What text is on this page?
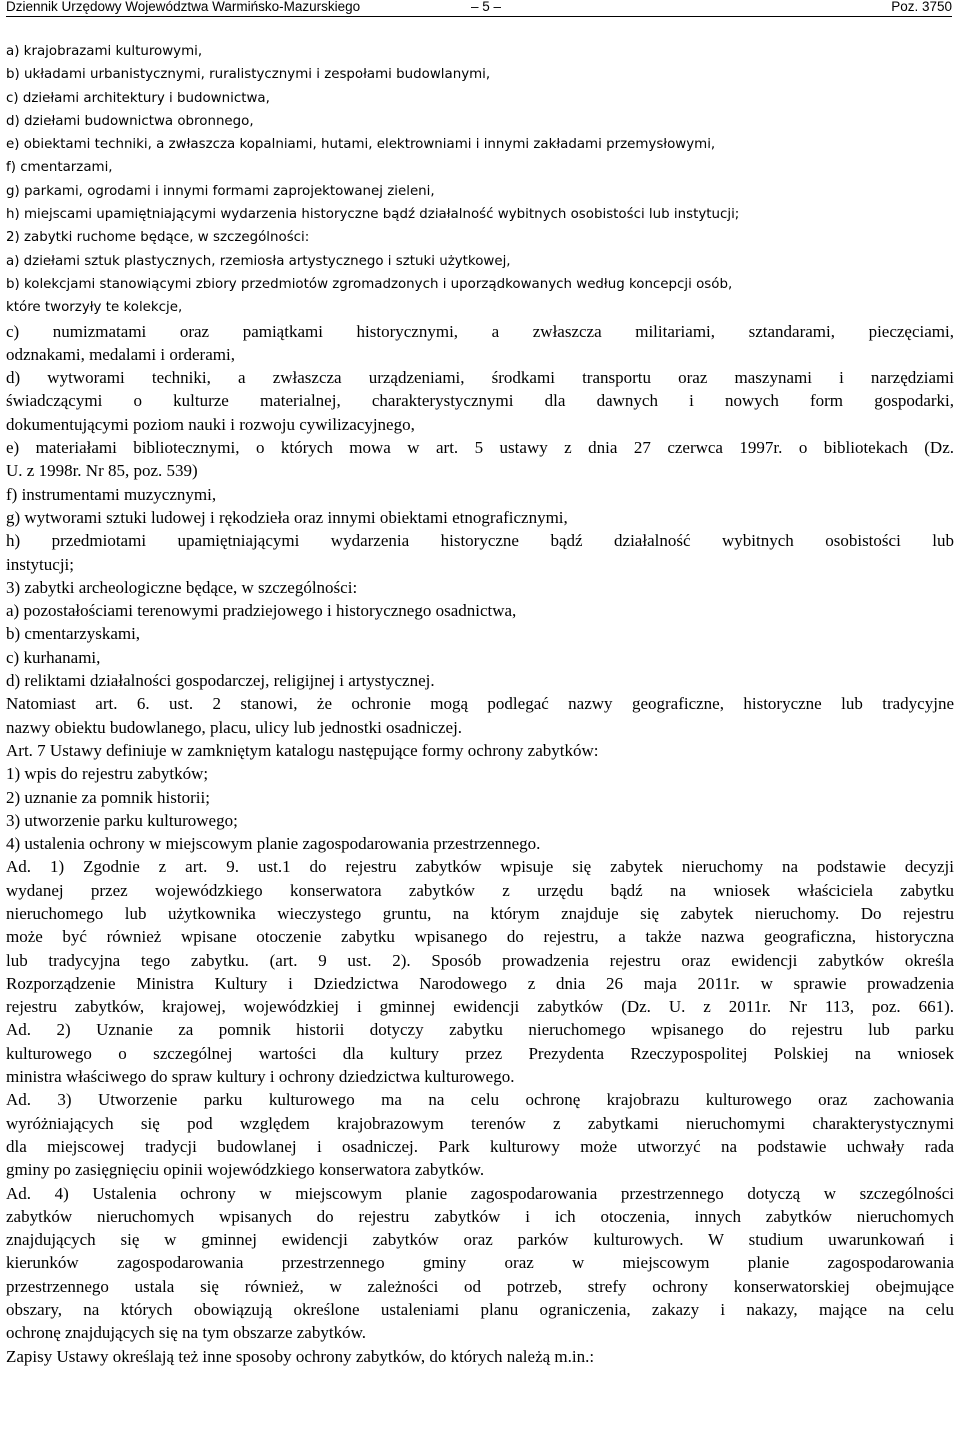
Dziennik Urzędowy Województwa Warmińsko-Mazurskiego	– 5 –	Poz. 3750
a) krajobrazami kulturowymi,
b) układami urbanistycznymi, ruralistycznymi i zespołami budowlanymi,
c) dziełami architektury i budownictwa,
d) dziełami budownictwa obronnego,
e) obiektami techniki, a zwłaszcza kopalniami, hutami, elektrowniami i innymi zakładami przemysłowymi,
f) cmentarzami,
g) parkami, ogrodami i innymi formami zaprojektowanej zieleni,
h) miejscami upamiętniającymi wydarzenia historyczne bądź działalność wybitnych osobistości lub instytucji;
2) zabytki ruchome będące, w szczególności:
a) dziełami sztuk plastycznych, rzemiosła artystycznego i sztuki użytkowej,
b) kolekcjami stanowiącymi zbiory przedmiotów zgromadzonych i uporządkowanych według koncepcji osób,
które tworzyły te kolekcje,
c) numizmatami oraz pamiątkami historycznymi, a zwłaszcza militariami, sztandarami, pieczęciami,
odznakami, medalami i orderami,
d) wytworami techniki, a zwłaszcza urządzeniami, środkami transportu oraz maszynami i narzędziami
świadczącymi o kulturze materialnej, charakterystycznymi dla dawnych i nowych form gospodarki,
dokumentującymi poziom nauki i rozwoju cywilizacyjnego,
e) materiałami bibliotecznymi, o których mowa w art. 5 ustawy z dnia 27 czerwca 1997r. o bibliotekach (Dz.
U. z 1998r. Nr 85, poz. 539)
f) instrumentami muzycznymi,
g) wytworami sztuki ludowej i rękodzieła oraz innymi obiektami etnograficznymi,
h) przedmiotami upamiętniającymi wydarzenia historyczne bądź działalność wybitnych osobistości lub
instytucji;
3) zabytki archeologiczne będące, w szczególności:
a) pozostałościami terenowymi pradziejowego i historycznego osadnictwa,
b) cmentarzyskami,
c) kurhanami,
d) reliktami działalności gospodarczej, religijnej i artystycznej.
Natomiast art. 6. ust. 2 stanowi, że ochronie mogą podlegać nazwy geograficzne, historyczne lub tradycyjne
nazwy obiektu budowlanego, placu, ulicy lub jednostki osadniczej.
Art. 7 Ustawy definiuje w zamkniętym katalogu następujące formy ochrony zabytków:
1) wpis do rejestru zabytków;
2) uznanie za pomnik historii;
3) utworzenie parku kulturowego;
4) ustalenia ochrony w miejscowym planie zagospodarowania przestrzennego.
Ad. 1) Zgodnie z art. 9. ust.1 do rejestru zabytków wpisuje się zabytek nieruchomy na podstawie decyzji
wydanej przez wojewódzkiego konserwatora zabytków z urzędu bądź na wniosek właściciela zabytku
nieruchomego lub użytkownika wieczystego gruntu, na którym znajduje się zabytek nieruchomy. Do rejestru
może być również wpisane otoczenie zabytku wpisanego do rejestru, a także nazwa geograficzna, historyczna
lub tradycyjna tego zabytku. (art. 9 ust. 2). Sposób prowadzenia rejestru oraz ewidencji zabytków określa
Rozporządzenie Ministra Kultury i Dziedzictwa Narodowego z dnia 26 maja 2011r. w sprawie prowadzenia
rejestru zabytków, krajowej, wojewódzkiej i gminnej ewidencji zabytków (Dz. U. z 2011r. Nr 113, poz. 661).
Ad. 2) Uznanie za pomnik historii dotyczy zabytku nieruchomego wpisanego do rejestru lub parku
kulturowego o szczególnej wartości dla kultury przez Prezydenta Rzeczypospolitej Polskiej na wniosek
ministra właściwego do spraw kultury i ochrony dziedzictwa kulturowego.
Ad. 3) Utworzenie parku kulturowego ma na celu ochronę krajobrazu kulturowego oraz zachowania
wyróżniających się pod względem krajobrazowym terenów z zabytkami nieruchomymi charakterystycznymi
dla miejscowej tradycji budowlanej i osadniczej. Park kulturowy może utworzyć na podstawie uchwały rada
gminy po zasięgnięciu opinii wojewódzkiego konserwatora zabytków.
Ad. 4) Ustalenia ochrony w miejscowym planie zagospodarowania przestrzennego dotyczą w szczególności
zabytków nieruchomych wpisanych do rejestru zabytków i ich otoczenia, innych zabytków nieruchomych
znajdujących się w gminnej ewidencji zabytków oraz parków kulturowych. W studium uwarunkowań i
kierunków zagospodarowania przestrzennego gminy oraz w miejscowym planie zagospodarowania
przestrzennego ustala się również, w zależności od potrzeb, strefy ochrony konserwatorskiej obejmujące
obszary, na których obowiązują określone ustaleniami planu ograniczenia, zakazy i nakazy, mające na celu
ochronę znajdujących się na tym obszarze zabytków.
Zapisy Ustawy określają też inne sposoby ochrony zabytków, do których należą m.in.:
